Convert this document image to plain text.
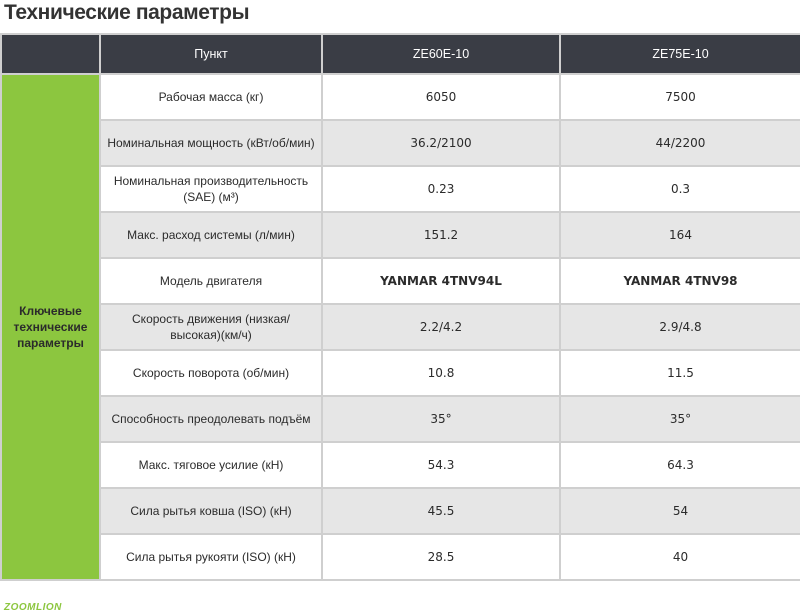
Технические параметры
	Пункт	ZE60E-10	ZE75E-10
Ключевые технические параметры	Рабочая масса (кг)	6050	7500
	Номинальная мощность (кВт/об/мин)	36.2/2100	44/2200
	Номинальная производительность (SAE) (м³)	0.23	0.3
	Макс. расход системы (л/мин)	151.2	164
	Модель двигателя	YANMAR 4TNV94L	YANMAR 4TNV98
	Скорость движения (низкая/высокая)(км/ч)	2.2/4.2	2.9/4.8
	Скорость поворота (об/мин)	10.8	11.5
	Способность преодолевать подъём	35°	35°
	Макс. тяговое усилие (кН)	54.3	64.3
	Сила рытья ковша (ISO) (кН)	45.5	54
	Сила рытья рукояти (ISO) (кН)	28.5	40
ZOOMLION
